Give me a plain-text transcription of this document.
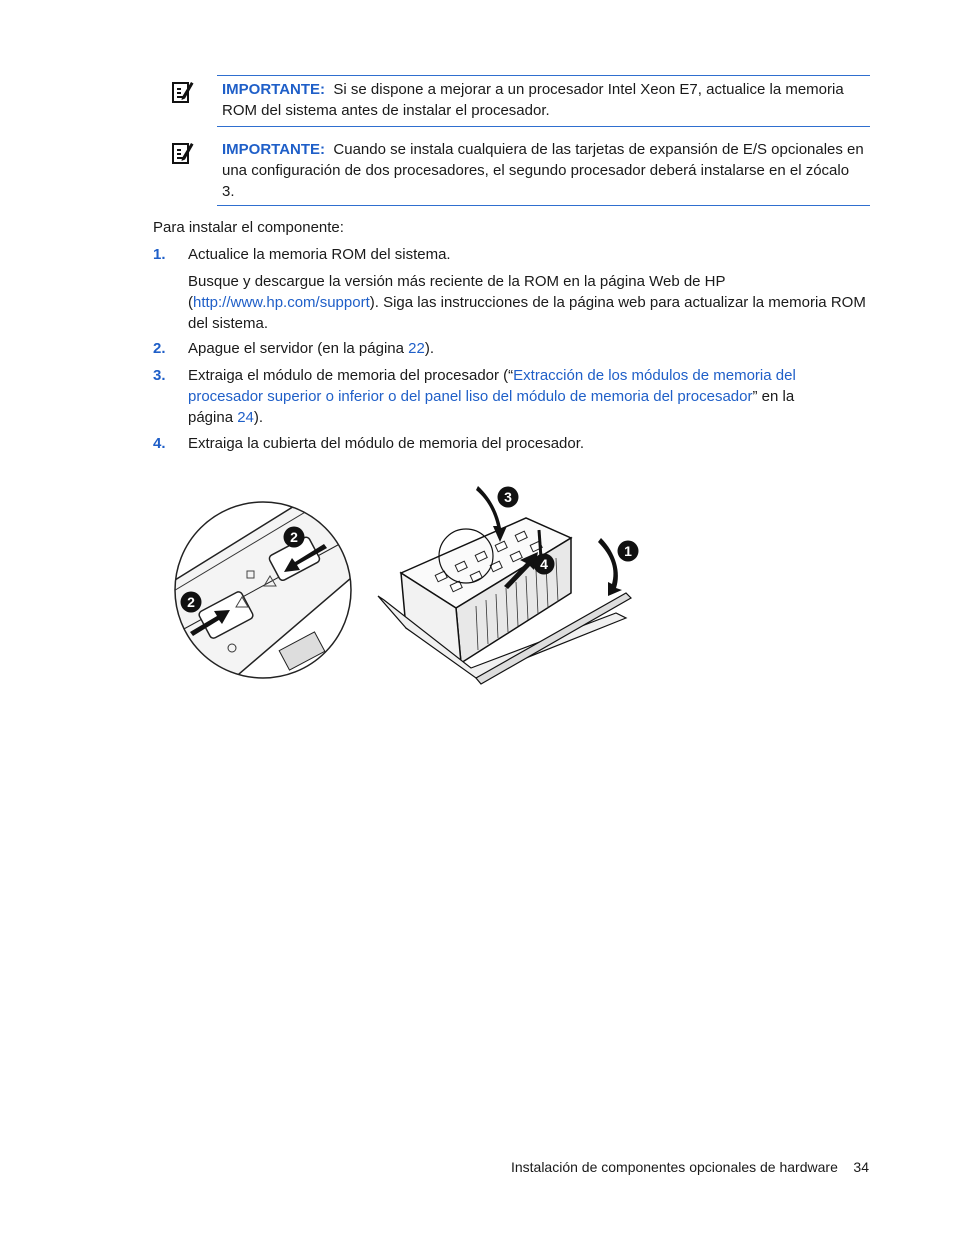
IMPORTANTE: Si se dispone a mejorar a un procesador Intel Xeon E7, actualice la memoria ROM del sistema antes de instalar el procesador.
IMPORTANTE: Cuando se instala cualquiera de las tarjetas de expansión de E/S opcionales en una configuración de dos procesadores, el segundo procesador deberá instalarse en el zócalo 3.
Para instalar el componente:
1. Actualice la memoria ROM del sistema.
Busque y descargue la versión más reciente de la ROM en la página Web de HP (http://www.hp.com/support). Siga las instrucciones de la página web para actualizar la memoria ROM del sistema.
2. Apague el servidor (en la página 22).
3. Extraiga el módulo de memoria del procesador (“Extracción de los módulos de memoria del procesador superior o inferior o del panel liso del módulo de memoria del procesador” en la página 24).
4. Extraiga la cubierta del módulo de memoria del procesador.
2
2
3
4
1
Instalación de componentes opcionales de hardware 34
